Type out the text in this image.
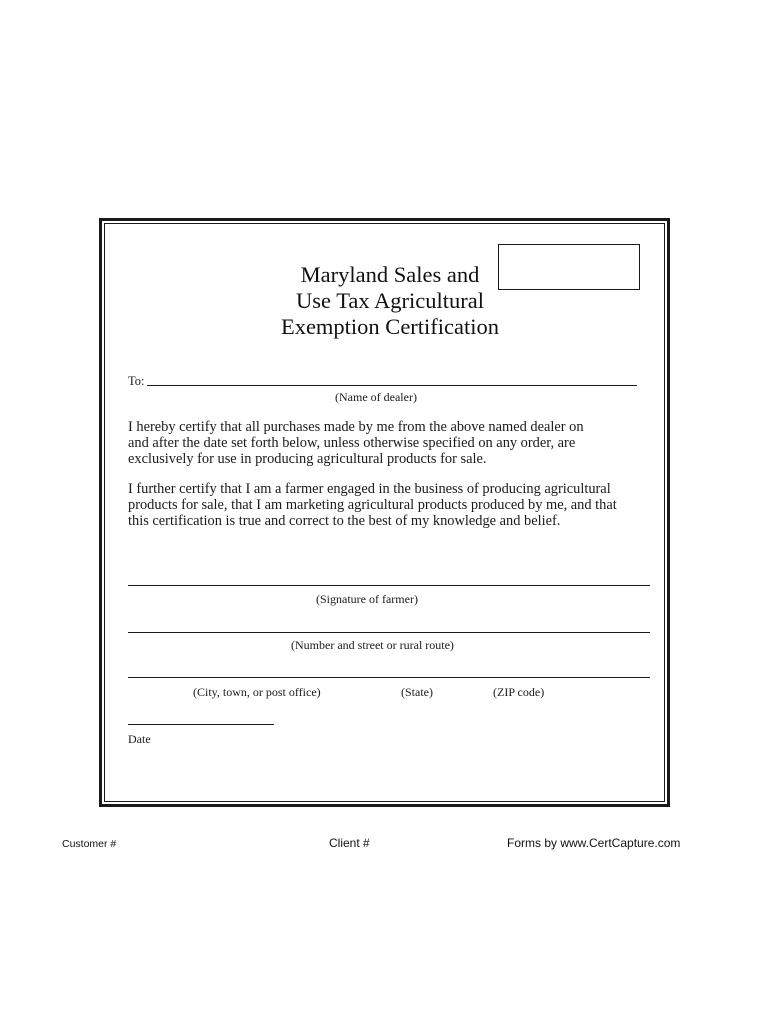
Maryland Sales and
Use Tax Agricultural
Exemption Certification
To:
(Name of dealer)
I hereby certify that all purchases made by me from the above named dealer on
and after the date set forth below, unless otherwise specified on any order, are
exclusively for use in producing agricultural products for sale.
I further certify that I am a farmer engaged in the business of producing agricultural
products for sale, that I am marketing agricultural products produced by me, and that
this certification is true and correct to the best of my knowledge and belief.
(Signature of farmer)
(Number and street or rural route)
(City, town, or post office)	(State)	(ZIP code)
Date
Customer #	Client #	Forms by www.CertCapture.com
